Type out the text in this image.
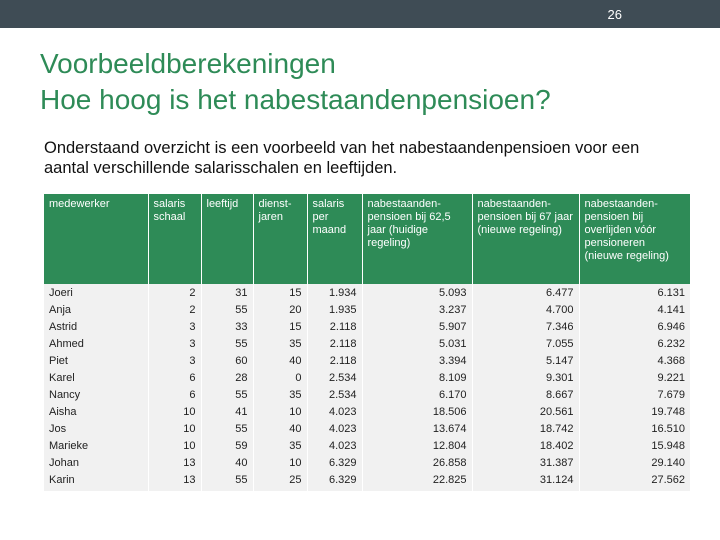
26
Voorbeeldberekeningen
Hoe hoog is het nabestaandenpensioen?

Onderstaand overzicht is een voorbeeld van het nabestaandenpensioen voor een aantal verschillende salarisschalen en leeftijden.

medewerker	salaris schaal	leeftijd	dienst-jaren	salaris per maand	nabestaanden-pensioen bij 62,5 jaar (huidige regeling)	nabestaanden-pensioen bij 67 jaar (nieuwe regeling)	nabestaanden-pensioen bij overlijden vóór pensioneren (nieuwe regeling)
Joeri	2	31	15	1.934	5.093	6.477	6.131
Anja	2	55	20	1.935	3.237	4.700	4.141
Astrid	3	33	15	2.118	5.907	7.346	6.946
Ahmed	3	55	35	2.118	5.031	7.055	6.232
Piet	3	60	40	2.118	3.394	5.147	4.368
Karel	6	28	0	2.534	8.109	9.301	9.221
Nancy	6	55	35	2.534	6.170	8.667	7.679
Aisha	10	41	10	4.023	18.506	20.561	19.748
Jos	10	55	40	4.023	13.674	18.742	16.510
Marieke	10	59	35	4.023	12.804	18.402	15.948
Johan	13	40	10	6.329	26.858	31.387	29.140
Karin	13	55	25	6.329	22.825	31.124	27.562
